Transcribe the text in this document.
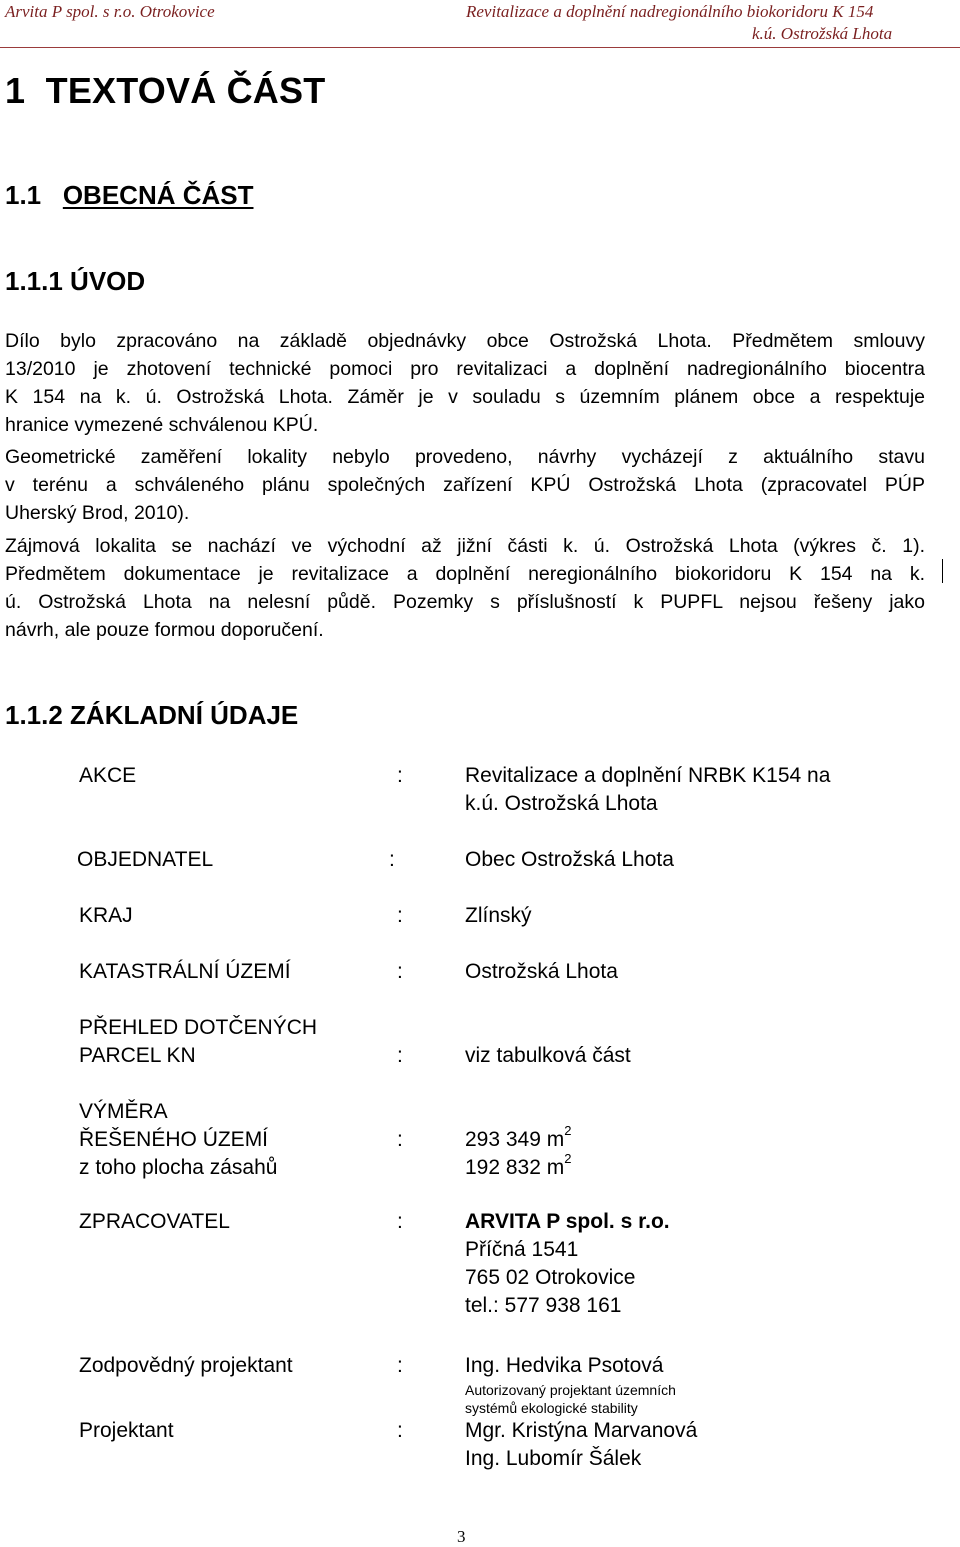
Arvita P spol. s r.o. Otrokovice	Revitalizace a doplnění nadregionálního biokoridoru K 154
k.ú. Ostrožská Lhota
1 TEXTOVÁ ČÁST
1.1 OBECNÁ ČÁST
1.1.1 ÚVOD
Dílo bylo zpracováno na základě objednávky obce Ostrožská Lhota. Předmětem smlouvy
13/2010 je zhotovení technické pomoci pro revitalizaci a doplnění nadregionálního biocentra
K 154 na k. ú. Ostrožská Lhota. Záměr je v souladu s územním plánem obce a respektuje
hranice vymezené schválenou KPÚ.
Geometrické zaměření lokality nebylo provedeno, návrhy vycházejí z aktuálního stavu
v terénu a schváleného plánu společných zařízení KPÚ Ostrožská Lhota (zpracovatel PÚP
Uherský Brod, 2010).
Zájmová lokalita se nachází ve východní až jižní části k. ú. Ostrožská Lhota (výkres č. 1).
Předmětem dokumentace je revitalizace a doplnění neregionálního biokoridoru K 154 na k.
ú. Ostrožská Lhota na nelesní půdě. Pozemky s příslušností k PUPFL nejsou řešeny jako
návrh, ale pouze formou doporučení.
1.1.2 ZÁKLADNÍ ÚDAJE
AKCE	:	Revitalizace a doplnění NRBK K154 na
k.ú. Ostrožská Lhota
OBJEDNATEL	:	Obec Ostrožská Lhota
KRAJ	:	Zlínský
KATASTRÁLNÍ ÚZEMÍ	:	Ostrožská Lhota
PŘEHLED DOTČENÝCH
PARCEL KN	:	viz tabulková část
VÝMĚRA
ŘEŠENÉHO ÚZEMÍ	:	293 349 $m^2$
z toho plocha zásahů	192 832 $m^2$
ZPRACOVATEL	:	ARVITA P spol. s r.o.
Příčná 1541
765 02 Otrokovice
tel.: 577 938 161
Zodpovědný projektant	:	Ing. Hedvika Psotová
Autorizovaný projektant územních
systémů ekologické stability
Projektant	:	Mgr. Kristýna Marvanová
Ing. Lubomír Šálek
3
